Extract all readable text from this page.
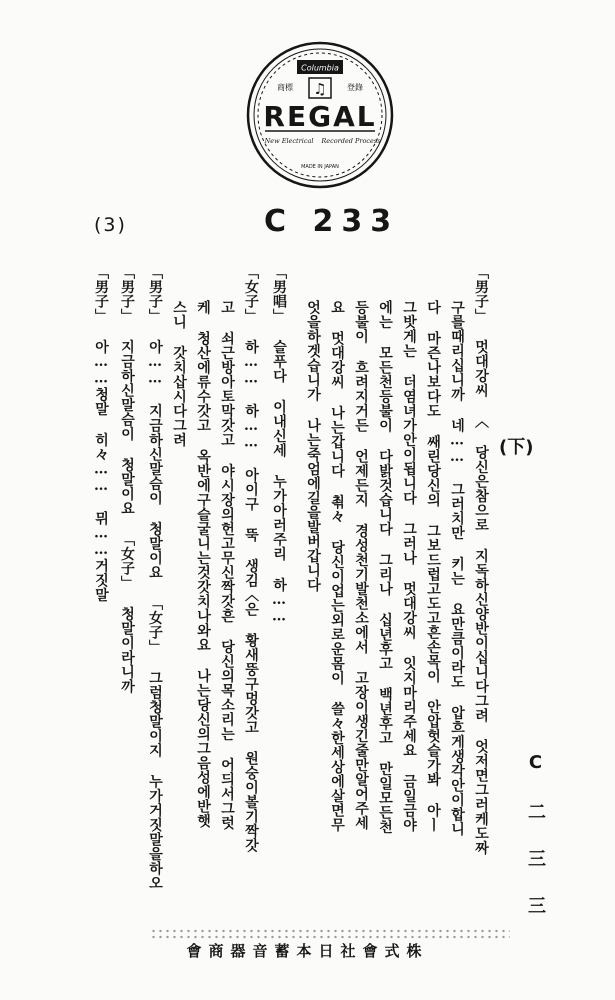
Columbia
商標	登錄
♫
REGAL
New Electrical Recorded Process
MADE IN JAPAN
(3)	C 233
「男子」 멋대강씨 〈 당신은참으로 지독하신양반이십니다그려 엇저면그러케도짜
구를때리십니까 네…… 그러치만 키는 요만큼이라도 압흐게생각안이합니
다 마즌나보다도 쌔린당신의 그보드럽고도고흔손목이 안압헛슬가봐 아ㅣ
그밧게는 더염녀가안이됩니다 그러나 멋대강씨 잇지마리주세요 금일금야
에는 모든천등불이 다밝것습니다 그리나 십년후고 백년후고 만일모든천
등불이 흐려지거든 언제든지 경성천기발천소에서 고장이생긴줄만알어주세
요 멋대강씨 나는갑니다 쵞々 당신이업는외로운몸이 쓸々한세상에살면무
엇을하겟습니가 나는죽엄에길을발버갑니다
「男唱」 슬푸다 이내신세 누가아러주리 하……
「女子」 하…… 하…… 아이구 뚝 생김〈은 황새뚱구멍갓고 원숭이볼기짝갓
고 쇠근방아토막갓고 야시장의헌고무신짝갓흔 당신의목소리는 어듸서그럿
케 청산에류수갓고 옥반에구슬굴니는것갓치나와요 나는당신의그음성에반햇
스니 갓치삽시다그려
「男子」 아…… 지금하신말슴이 청말이요 「女子」 그럼청말이지 누가거짓말을하오
「男子」 지금하신말슴이 청말이요 「女子」 청말이라니까
「男子」 아……청말 히々…… 뮈……거짓말	(下)
C 二 三 三
會商器音蓄本日社會式株
